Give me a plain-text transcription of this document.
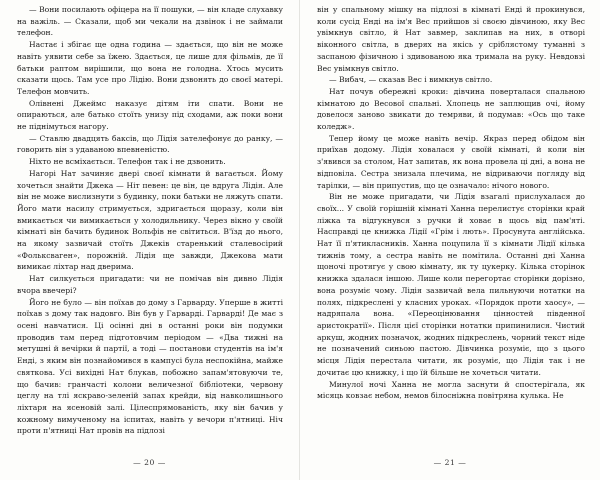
— Вони посилають офіцера на її пошуки, — він кладе слухавку на важіль. — Сказали, щоб ми чекали на дзвінок і не займали телефон.

Настає і збігає ще одна година — здається, що він не може навіть уявити себе за їжею. Здається, це лише для фільмів, де її батьки раптом вирішили, що вона не голодна. Хтось мусить сказати щось. Там усе про Лідію. Вони дзвонять до своєї матері. Телефон мовчить.

Олівнені Джеймс наказує дітям іти спати. Вони не опираються, але батько стоїть унизу під сходами, аж поки вони не піднімуться нагору.

— Ставлю двадцять баксів, що Лідія зателефонує до ранку, — говорить він з удаваною впевненістю.

Ніхто не всміхається. Телефон так і не дзвонить.

Нагорі Нат зачиняє двері своєї кімнати й вагається. Йому хочеться знайти Джека — Ніт певен: це він, це вдруга Лідія. Але він не може вислизнути з будинку, поки батьки не ляжуть спати. Його мати насилу стримується, здригається щоразу, коли він вмикається чи вимикається у холодильнику. Через вікно у своїй кімнаті він бачить будинок Вольфів не світиться. В'їзд до нього, на якому зазвичай стоїть Джеків старенький сталевосірий «Фольксваген», порожній. Лідія ще завжди, Джекова мати вимикає ліхтар над дверима.

Нат силкується пригадати: чи не помічав він дивно Лідія вчора ввечері?

Його не було — він поїхав до дому з Гарварду. Уперше в житті поїхав з дому так надовго. Він був у Гарварді. Гарварді! Де має з осені навчатися. Ці осінні дні в останні роки він подумки проводив там перед підготовчим періодом — «Два тижні на метушні й вечірки й партії, а тоді — постанови студентів на ім'я Енді, з яким він познайомився в кампусі була неспокійна, майже святкова. Усі вихідні Нат блукав, побожно запам'ятовуючи те, що бачив: гранчасті колони величезної бібліотеки, червону цеглу на тлі яскраво-зеленій запах крейди, від навколишнього ліхтаря на ясеновій залі. Цілеспрямованість, яку він бачив у кожному вимученому на іспитах, навіть у вечори п'ятниці. Ніч проти п'ятниці Нат провів на підлозі

— 20 —

він у спальному мішку на підлозі в кімнаті Енді й прокинувся, коли сусід Енді на ім'я Вес прийшов зі своєю дівчиною, яку Вес увімкнув світло, й Нат завмер, заклипав на них, в отворі віконного світла, в дверях на якісь у сріблястому туманні з заспаною фізичною і здивованою яка тримала на руку. Невдовзі Вес увімкнув світло.

— Вибач, — сказав Вес і вимкнув світло.

Нат почув обережні кроки: дівчина поверталася спальною кімнатою до Весової спальні. Хлопець не заплющив очі, йому довелося заново звикати до темряви, й подумав: «Ось що таке коледж».

Тепер йому це може навіть вечір. Якраз перед обідом він приїхав додому. Лідія ховалася у своїй кімнаті, й коли він з'явився за столом, Нат запитав, як вона провела ці дні, а вона не відповіла. Сестра знизала плечима, не відриваючи погляду від тарілки, — він припустив, що це означало: нічого нового.

Він не може пригадати, чи Лідія взагалі прислухалася до своїх... У своїй горішній кімнаті Ханна перелистує сторінки край ліжка та відгукнувся з ручки й ховає в щось від пам'яті. Насправді це книжка Лідії «Грім і лють». Просунута англійська. Нат її п'ятикласників. Ханна поцупила її з кімнати Лідії кілька тижнів тому, а сестра навіть не помітила. Останні дні Ханна щоночі протягує у свою кімнату, як ту цукерку. Кілька сторінок книжка здалася іншою. Лише коли перегортає сторінки дорізно, вона розуміє чому. Лідія зазвичай вела пильнуючи нотатки на полях, підкреслені у класних уроках. «Порядок проти хаосу», — надряпала вона. «Переоцінювання цінностей південної аристократії». Після цієї сторінки нотатки припинилися. Чистий аркуш, жодних позначок, жодних підкреслень, чорний текст ніде не позначений синьою пастою. Дівчинка розуміє, що з цього місця Лідія перестала читати, як розуміє, що Лідія так і не дочитає цю книжку, і що їй більше не хочеться читати.

Минулої ночі Ханна не могла заснути й спостерігала, як місяць ковзає небом, немов білосніжна повітряна кулька. Не

— 21 —
